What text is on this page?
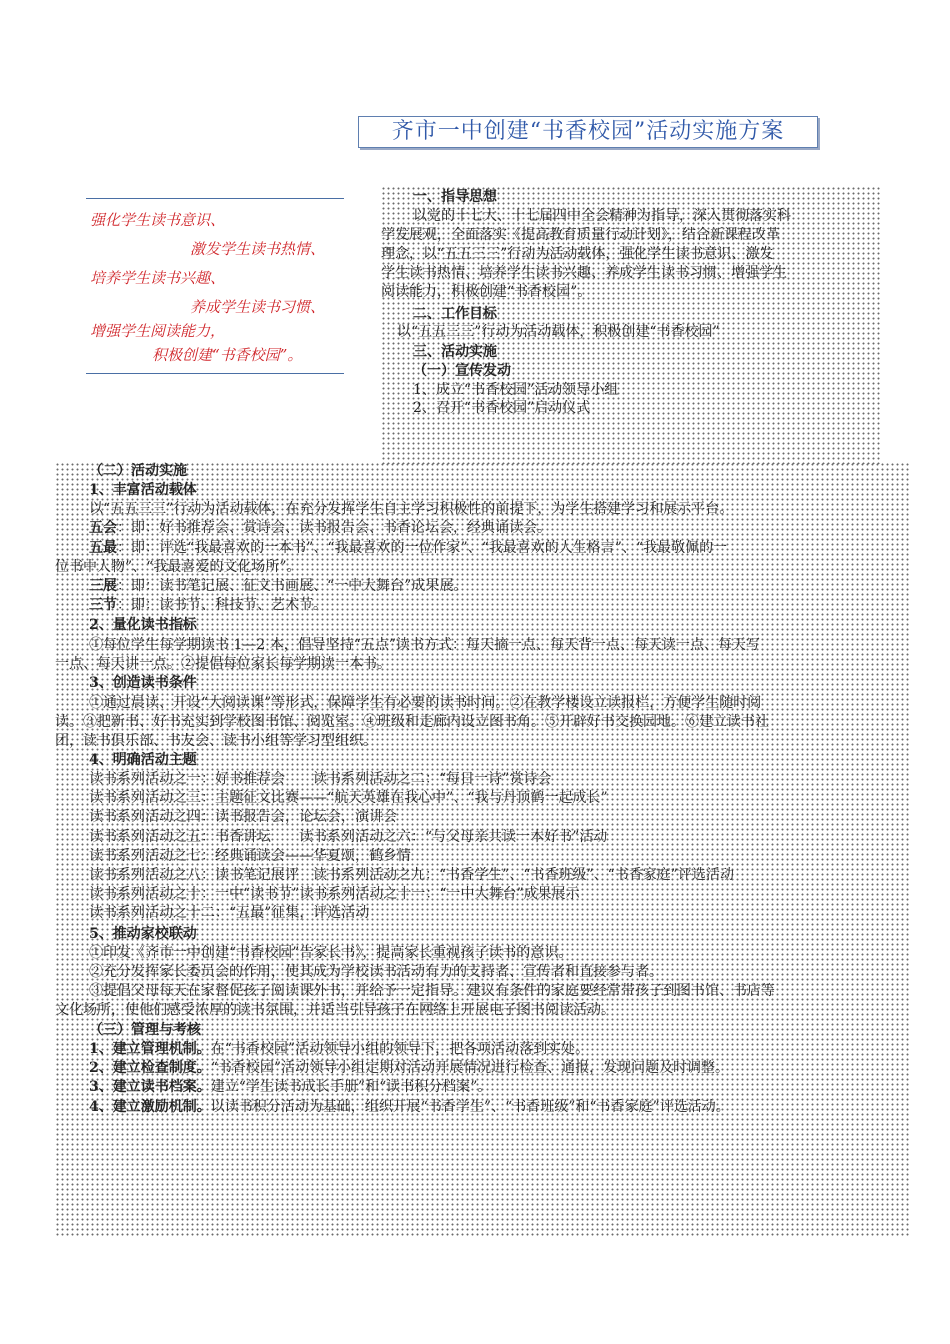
齐市一中创建“书香校园”活动实施方案
强化学生读书意识、
激发学生读书热情、
培养学生读书兴趣、
养成学生读书习惯、
增强学生阅读能力，
积极创建“书香校园”。
一、指导思想
以党的十七大、十七届四中全会精神为指导，深入贯彻落实科
学发展观，全面落实《提高教育质量行动计划》，结合新课程改革
理念，以“五五三三”行动为活动载体，强化学生读书意识、激发
学生读书热情、培养学生读书兴趣、养成学生读书习惯、增强学生
阅读能力，积极创建“书香校园”。
二、工作目标
以“五五三三”行动为活动载体，积极创建“书香校园”
三、活动实施
（一）宣传发动
1、成立“书香校园”活动领导小组
2、召开“书香校园”启动仪式
（二）活动实施
1、丰富活动载体
以“五五三三”行动为活动载体，在充分发挥学生自主学习积极性的前提下，为学生搭建学习和展示平台。
五会：即：好书推荐会、赏诗会、读书报告会、书香论坛会，经典诵读会。
五最：即：评选“我最喜欢的一本书”、“我最喜欢的一位作家”、“我最喜欢的人生格言”、“我最敬佩的一
位书中人物”、“我最喜爱的文化场所”。
三展：即：读书笔记展、征文书画展、“一中大舞台”成果展。
三节：即：读书节、科技节、艺术节。
2、量化读书指标
①每位学生每学期读书 1—2 本，倡导坚持“五点”读书方式：每天摘一点、每天背一点、每天读一点、每天写
一点、每天讲一点。②提倡每位家长每学期读一本书。
3、创造读书条件
①通过晨读、开设“大阅读课”等形式，保障学生有必要的读书时间。②在教学楼设立读报栏，方便学生随时阅
读。③把新书、好书充实到学校图书馆、阅览室。④班级和走廊内设立图书角。⑤开辟好书交换园地。⑥建立读书社
团，读书俱乐部、书友会、读书小组等学习型组织。
4、明确活动主题
读书系列活动之一：好书推荐会　　读书系列活动之二：“每日一诗”赏诗会
读书系列活动之三：主题征文比赛——“航天英雄在我心中”、“我与丹顶鹤一起成长”
读书系列活动之四：读书报告会，论坛会，演讲会
读书系列活动之五：书香讲坛　　读书系列活动之六：“与父母亲共读一本好书”活动
读书系列活动之七：经典诵读会——华夏颂，鹤乡情
读书系列活动之八：读书笔记展评　读书系列活动之九：“书香学生”、“书香班级”、“书香家庭”评选活动
读书系列活动之十：一中“读书节”读书系列活动之十一：“一中大舞台”成果展示
读书系列活动之十二：“五最”征集，评选活动
5、推动家校联动
①印发《齐市一中创建“书香校园”告家长书》，提高家长重视孩子读书的意识。
②充分发挥家长委员会的作用，使其成为学校读书活动有力的支持者、宣传者和直接参与者。
③提倡父母每天在家督促孩子阅读课外书，并给予一定指导。建议有条件的家庭要经常带孩子到图书馆、书店等
文化场所，使他们感受浓厚的读书氛围，并适当引导孩子在网络上开展电子图书阅读活动。
（三）管理与考核
1、建立管理机制。在“书香校园”活动领导小组的领导下，把各项活动落到实处。
2、建立检查制度。“书香校园”活动领导小组定期对活动开展情况进行检查、通报，发现问题及时调整。
3、建立读书档案。建立“学生读书成长手册”和“读书积分档案”。
4、建立激励机制。以读书积分活动为基础，组织开展“书香学生”、“书香班级”和“书香家庭”评选活动。
